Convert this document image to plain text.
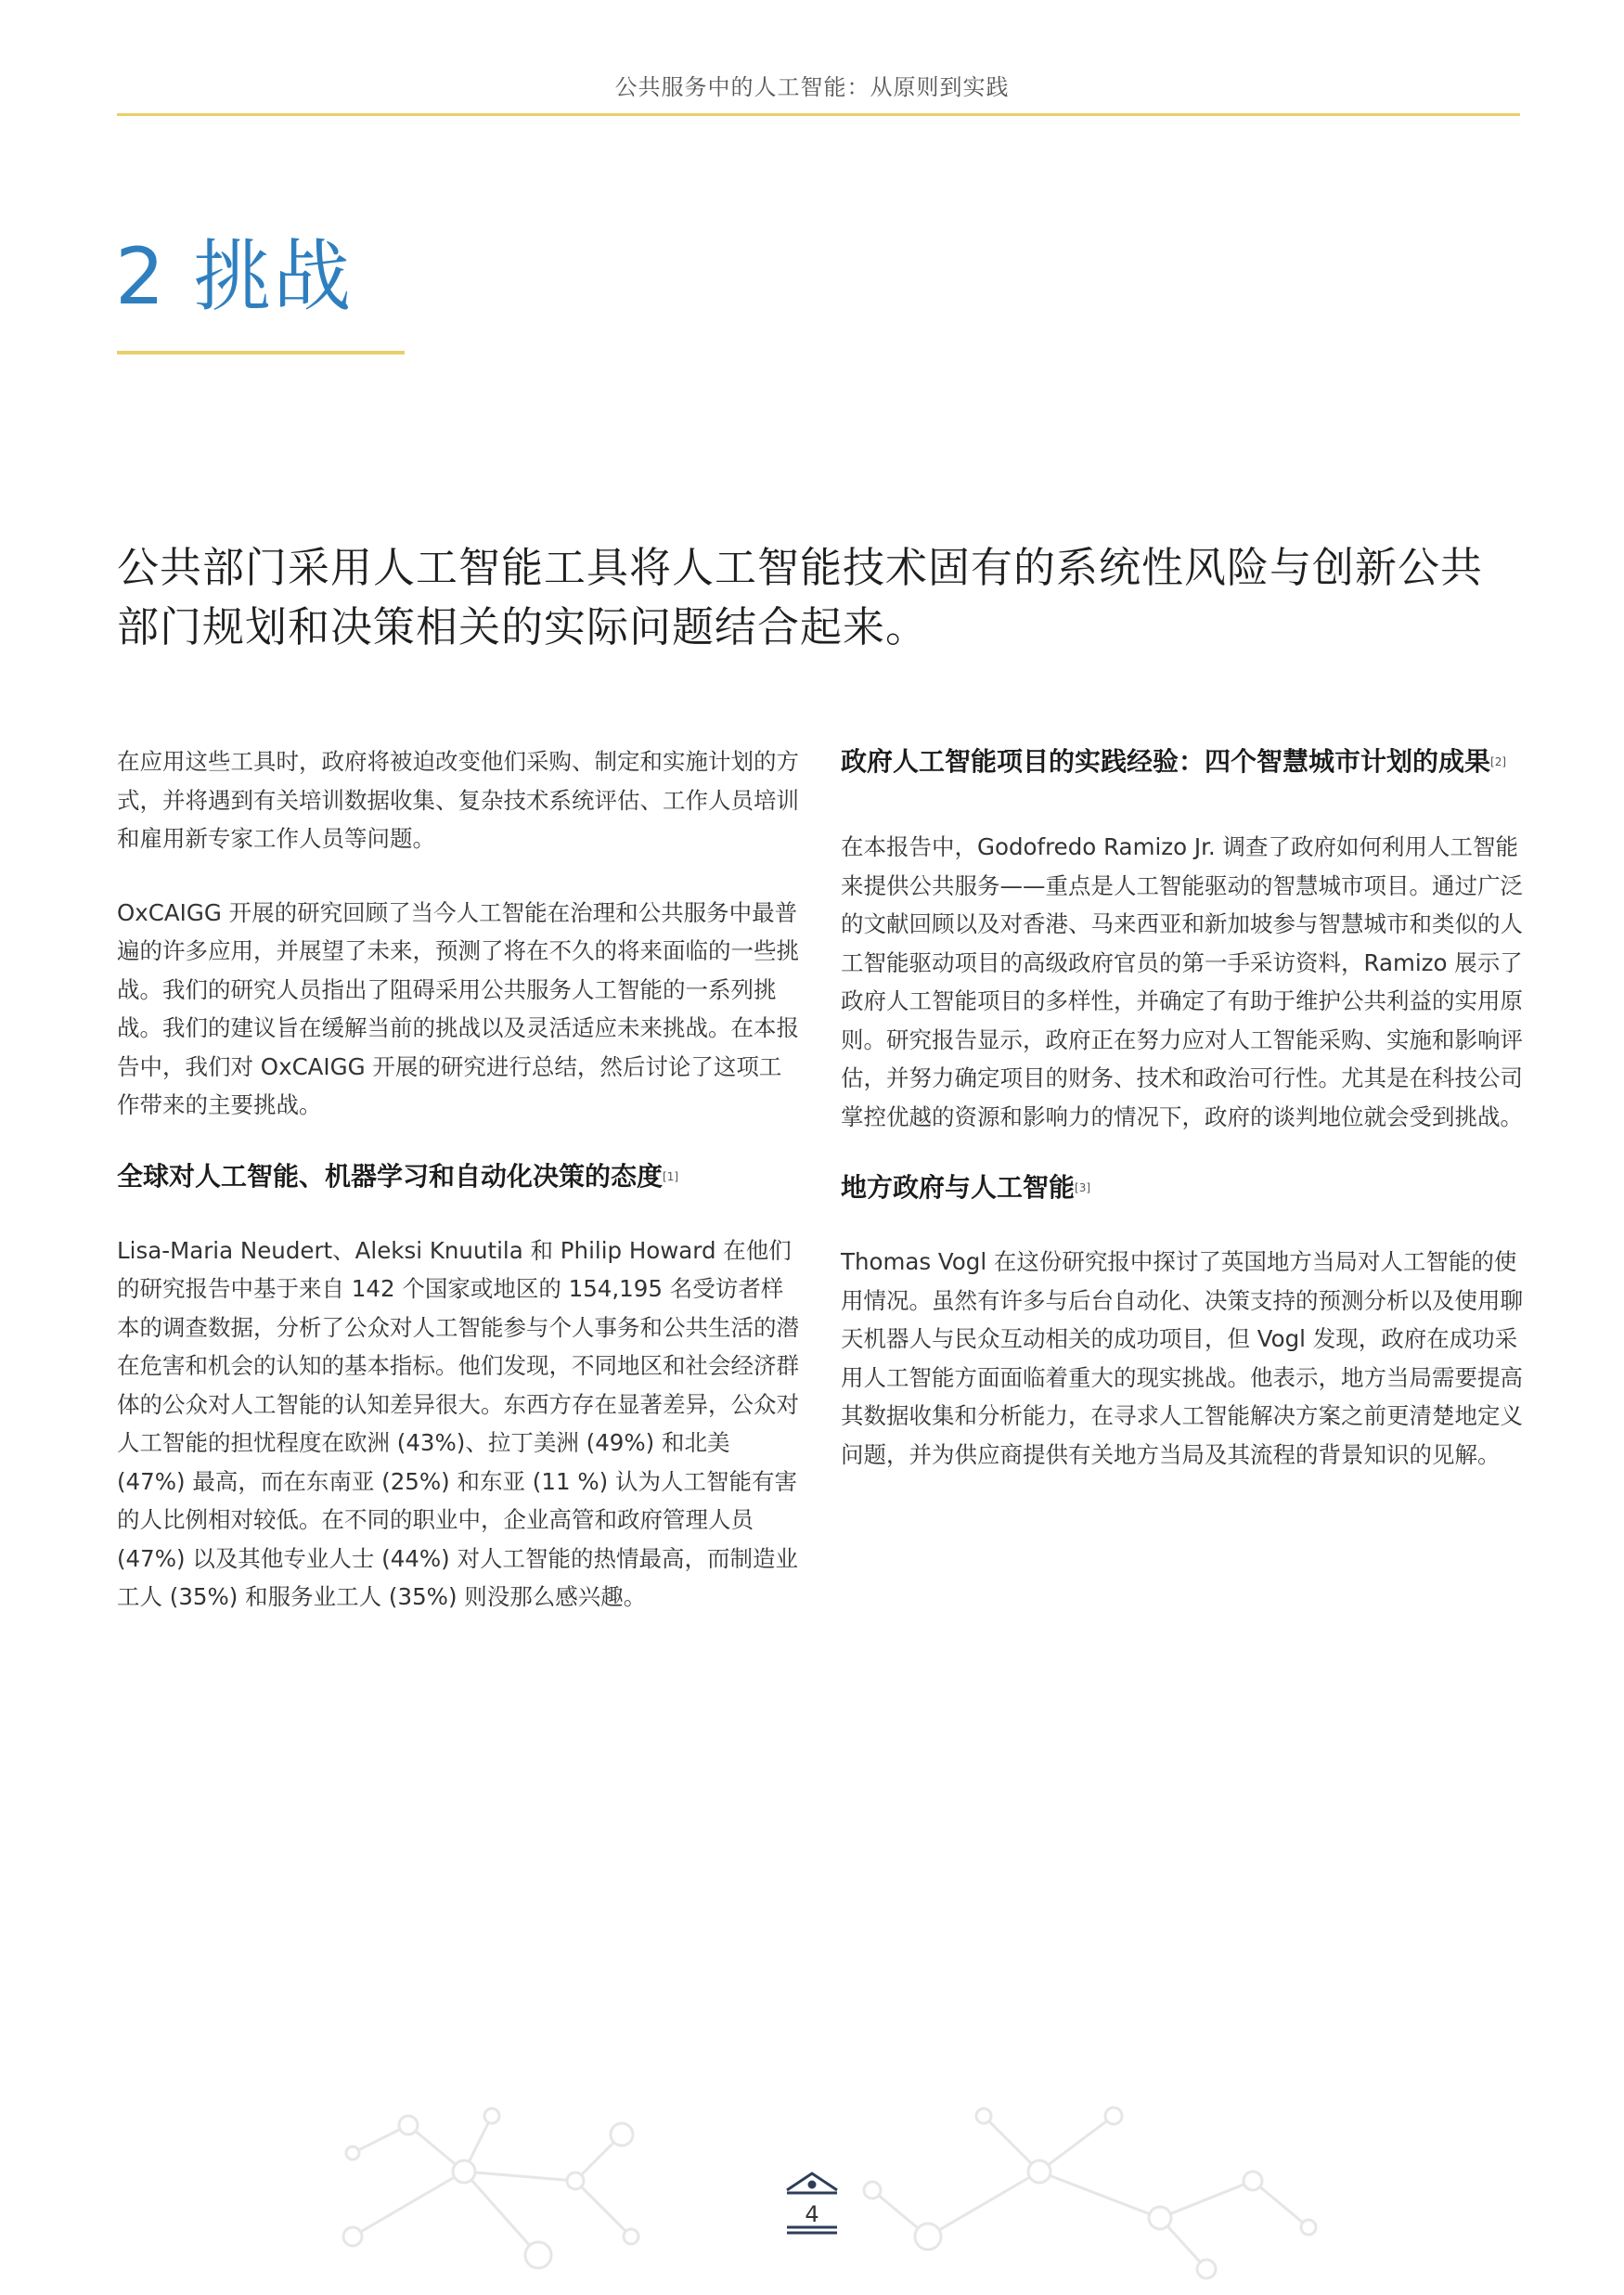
公共服务中的人工智能：从原则到实践
2 挑战

公共部门采用人工智能工具将人工智能技术固有的系统性风险与创新公共部门规划和决策相关的实际问题结合起来。

在应用这些工具时，政府将被迫改变他们采购、制定和实施计划的方式，并将遇到有关培训数据收集、复杂技术系统评估、工作人员培训和雇用新专家工作人员等问题。

OxCAIGG 开展的研究回顾了当今人工智能在治理和公共服务中最普遍的许多应用，并展望了未来，预测了将在不久的将来面临的一些挑战。我们的研究人员指出了阻碍采用公共服务人工智能的一系列挑战。我们的建议旨在缓解当前的挑战以及灵活适应未来挑战。在本报告中，我们对 OxCAIGG 开展的研究进行总结，然后讨论了这项工作带来的主要挑战。

全球对人工智能、机器学习和自动化决策的态度[1]

Lisa-Maria Neudert、Aleksi Knuutila 和 Philip Howard 在他们的研究报告中基于来自 142 个国家或地区的 154,195 名受访者样本的调查数据，分析了公众对人工智能参与个人事务和公共生活的潜在危害和机会的认知的基本指标。他们发现，不同地区和社会经济群体的公众对人工智能的认知差异很大。东西方存在显著差异，公众对人工智能的担忧程度在欧洲 (43%)、拉丁美洲 (49%) 和北美 (47%) 最高，而在东南亚 (25%) 和东亚 (11 %) 认为人工智能有害的人比例相对较低。在不同的职业中，企业高管和政府管理人员 (47%) 以及其他专业人士 (44%) 对人工智能的热情最高，而制造业工人 (35%) 和服务业工人 (35%) 则没那么感兴趣。

政府人工智能项目的实践经验：四个智慧城市计划的成果[2]

在本报告中，Godofredo Ramizo Jr. 调查了政府如何利用人工智能来提供公共服务——重点是人工智能驱动的智慧城市项目。通过广泛的文献回顾以及对香港、马来西亚和新加坡参与智慧城市和类似的人工智能驱动项目的高级政府官员的第一手采访资料，Ramizo 展示了政府人工智能项目的多样性，并确定了有助于维护公共利益的实用原则。研究报告显示，政府正在努力应对人工智能采购、实施和影响评估，并努力确定项目的财务、技术和政治可行性。尤其是在科技公司掌控优越的资源和影响力的情况下，政府的谈判地位就会受到挑战。

地方政府与人工智能[3]

Thomas Vogl 在这份研究报中探讨了英国地方当局对人工智能的使用情况。虽然有许多与后台自动化、决策支持的预测分析以及使用聊天机器人与民众互动相关的成功项目，但 Vogl 发现，政府在成功采用人工智能方面面临着重大的现实挑战。他表示，地方当局需要提高其数据收集和分析能力，在寻求人工智能解决方案之前更清楚地定义问题，并为供应商提供有关地方当局及其流程的背景知识的见解。

4
